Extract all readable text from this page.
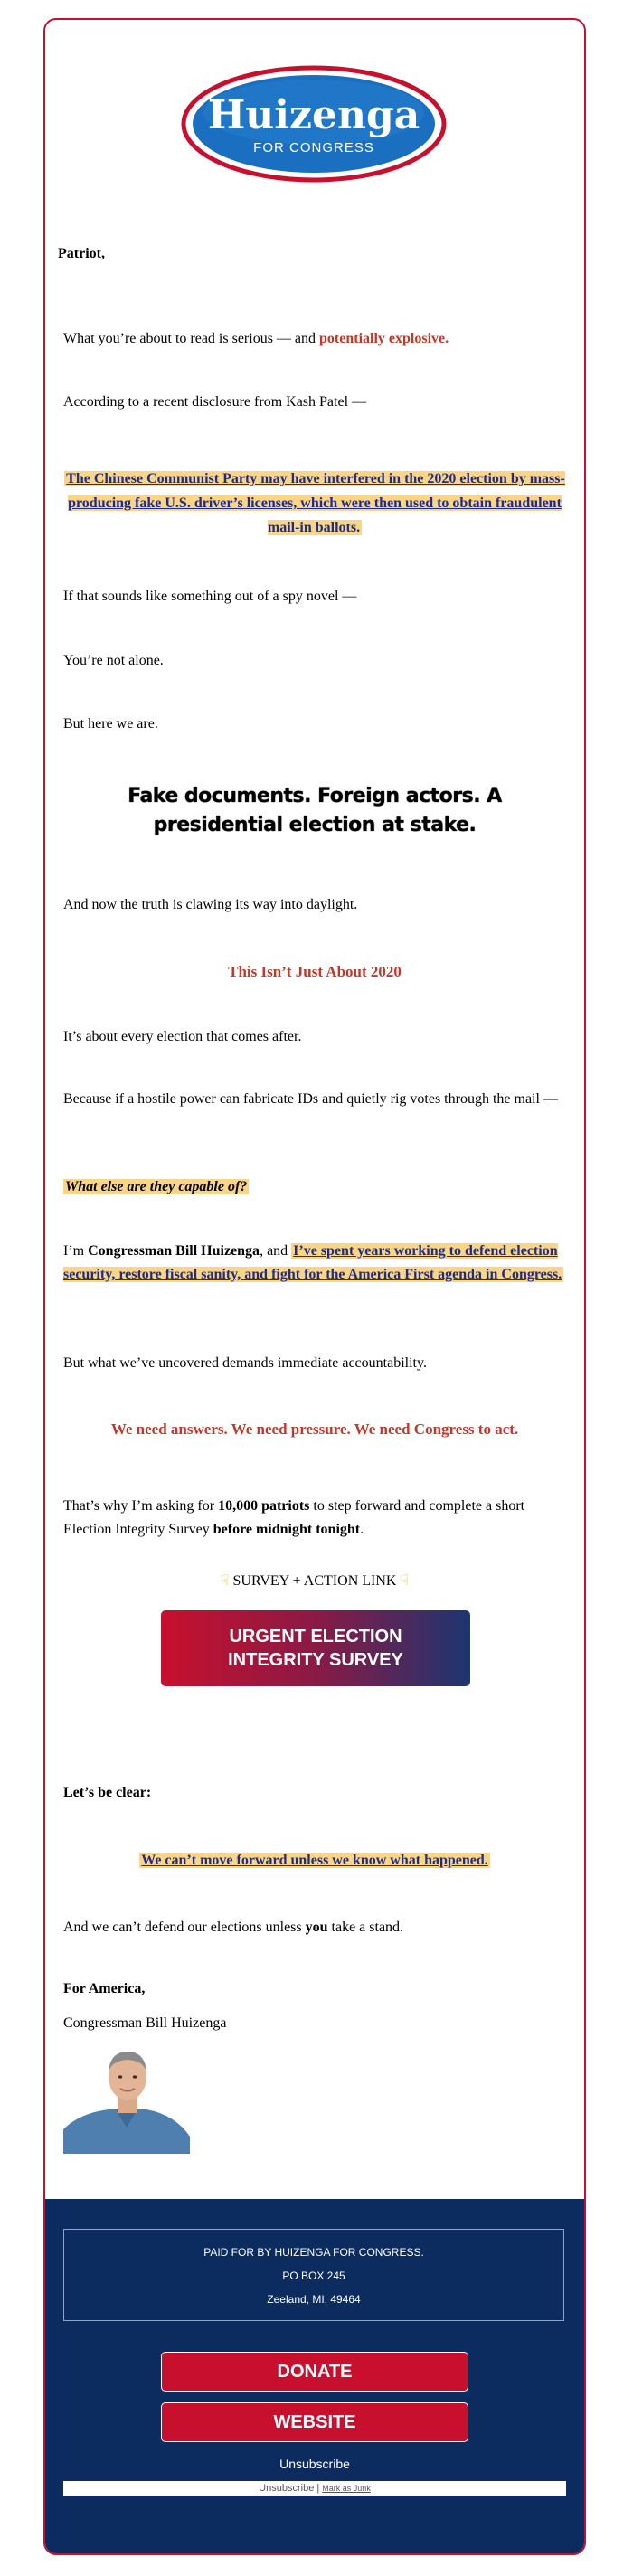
Huizenga
FOR CONGRESS

Patriot,

What you’re about to read is serious — and potentially explosive.

According to a recent disclosure from Kash Patel —

The Chinese Communist Party may have interfered in the 2020 election by mass-producing fake U.S. driver’s licenses, which were then used to obtain fraudulent mail-in ballots.

If that sounds like something out of a spy novel —

You’re not alone.

But here we are.

Fake documents. Foreign actors. A presidential election at stake.

And now the truth is clawing its way into daylight.

This Isn’t Just About 2020

It’s about every election that comes after.

Because if a hostile power can fabricate IDs and quietly rig votes through the mail —

What else are they capable of?

I’m Congressman Bill Huizenga, and I’ve spent years working to defend election security, restore fiscal sanity, and fight for the America First agenda in Congress.

But what we’ve uncovered demands immediate accountability.

We need answers. We need pressure. We need Congress to act.

That’s why I’m asking for 10,000 patriots to step forward and complete a short Election Integrity Survey before midnight tonight.

☟ SURVEY + ACTION LINK ☟
URGENT ELECTION
INTEGRITY SURVEY

Let’s be clear:

We can’t move forward unless we know what happened.

And we can’t defend our elections unless you take a stand.

For America,

Congressman Bill Huizenga

PAID FOR BY HUIZENGA FOR CONGRESS.
PO BOX 245
Zeeland, MI, 49464
DONATE
WEBSITE
Unsubscribe
Unsubscribe | Mark as Junk
